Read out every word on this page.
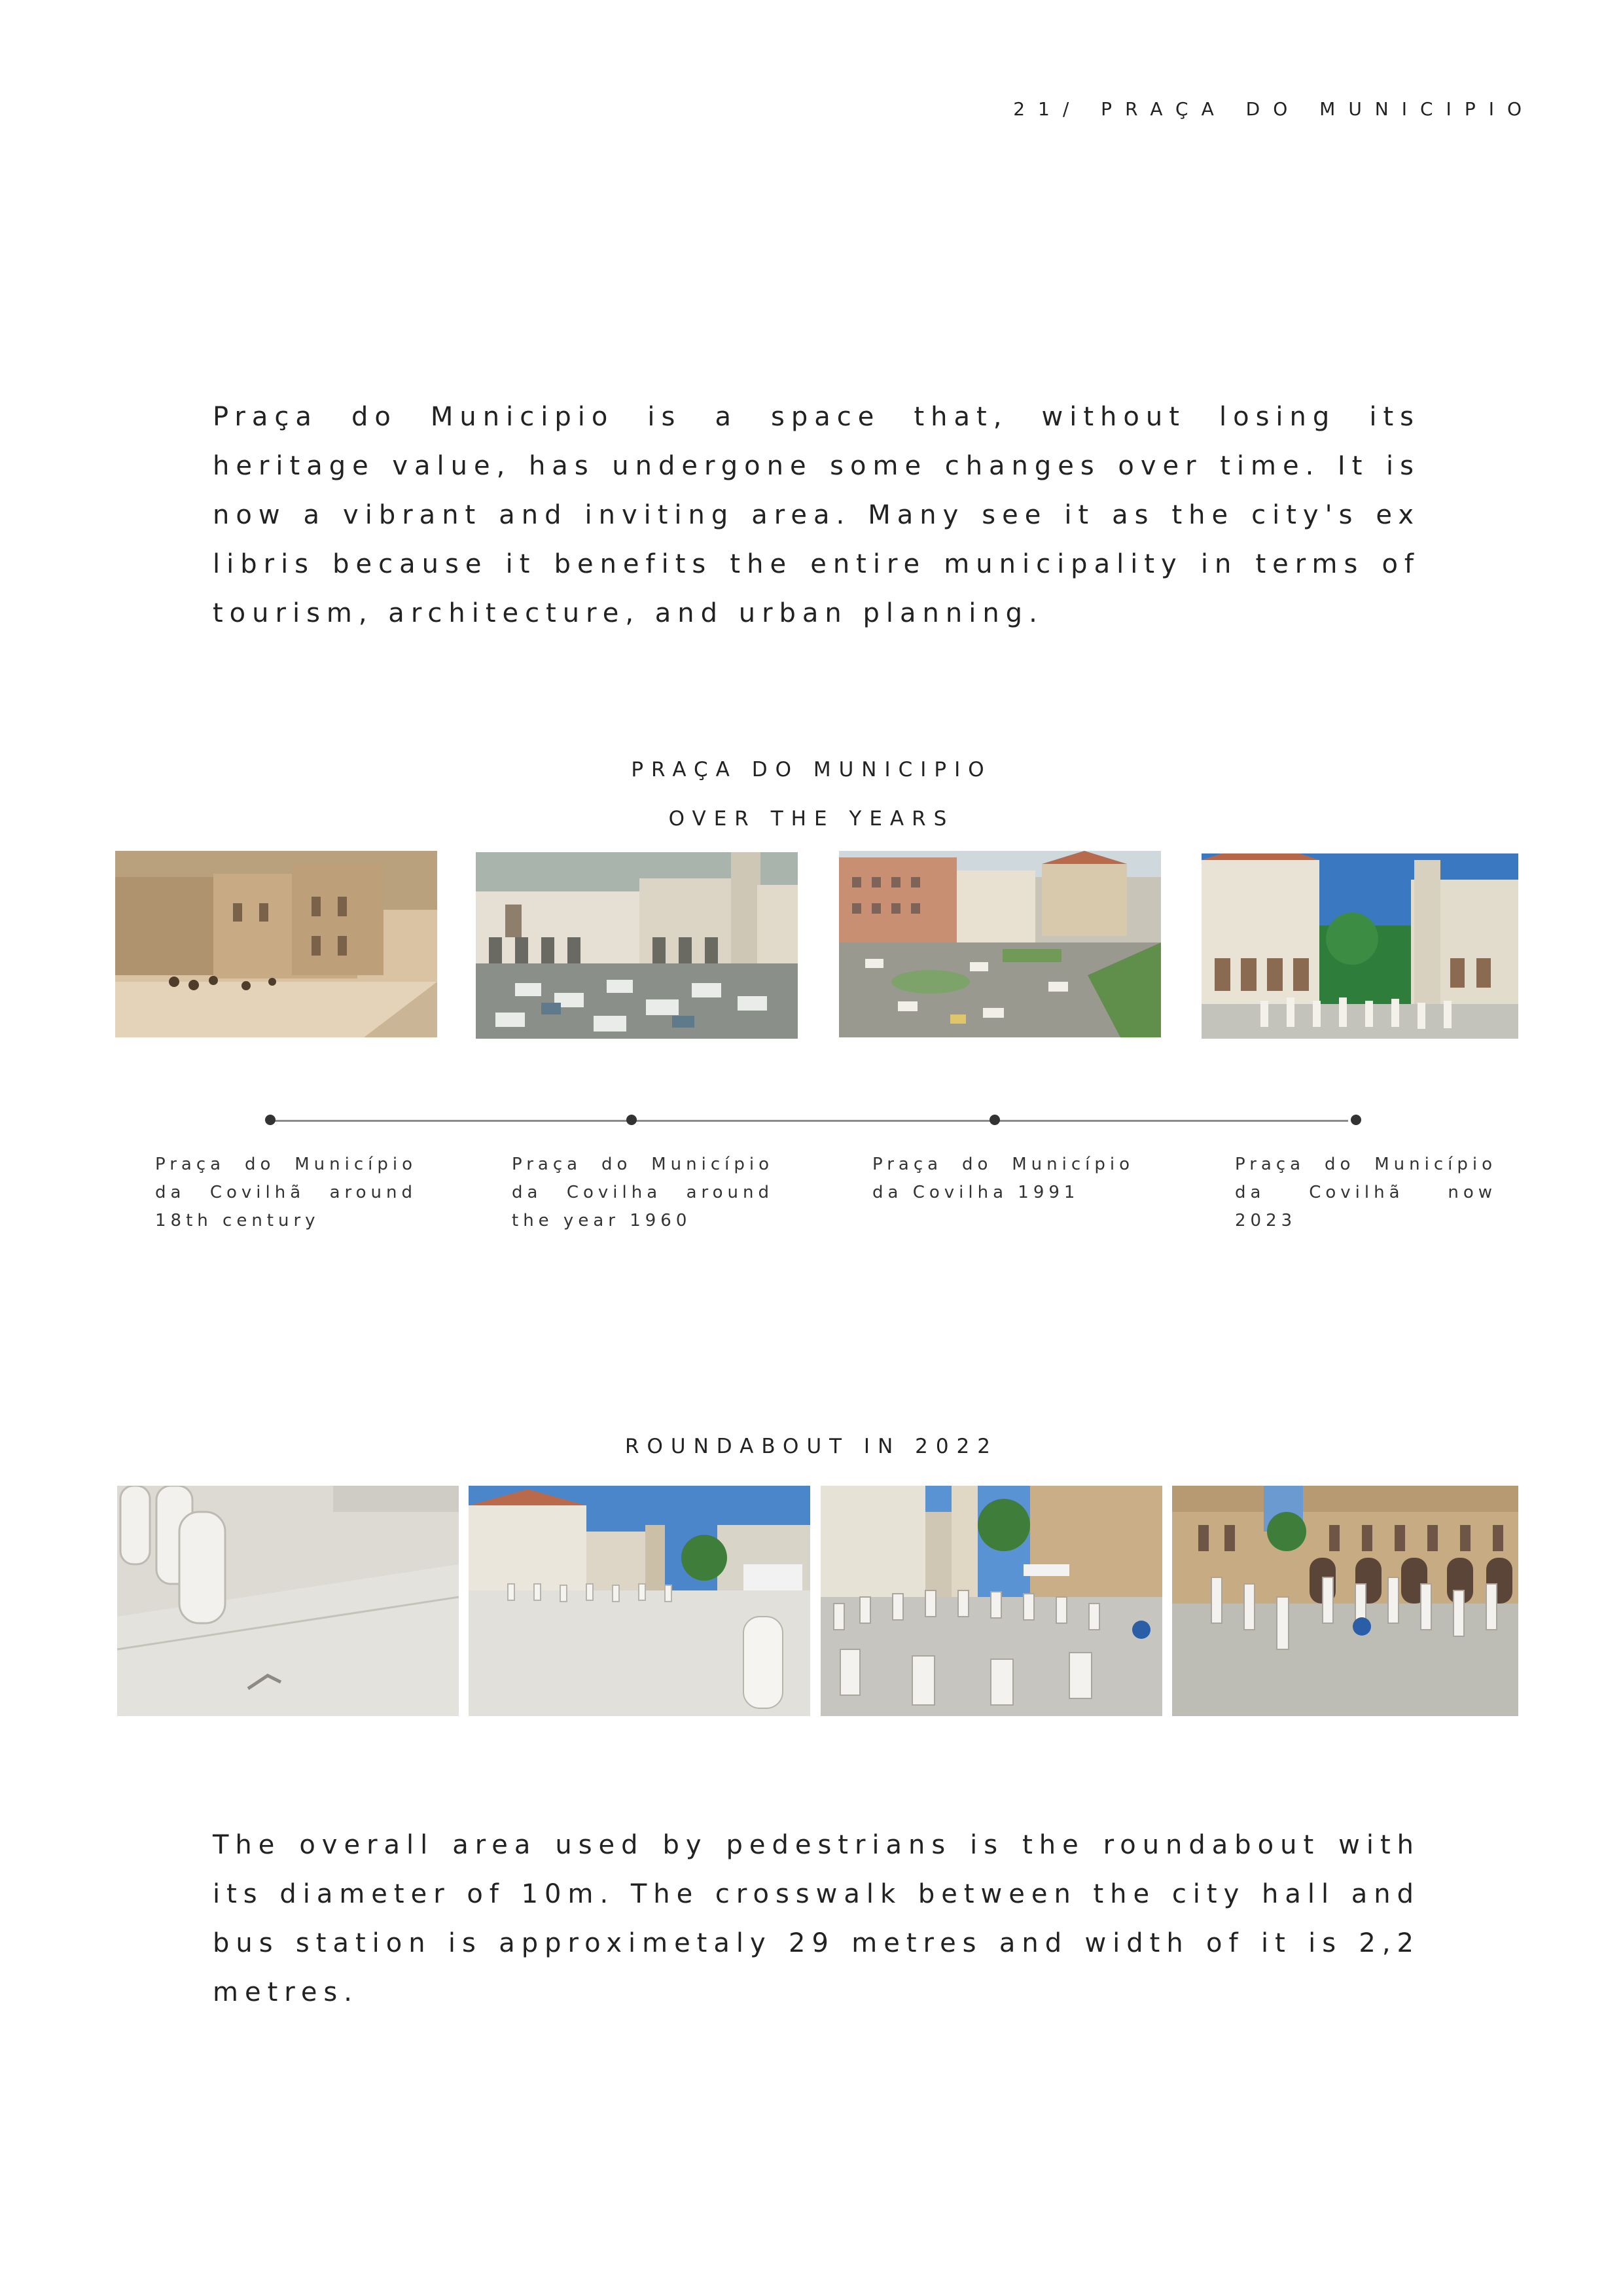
21/ PRAÇA DO MUNICIPIO

Praça do Municipio is a space that, without losing its heritage value, has undergone some changes over time. It is now a vibrant and inviting area. Many see it as the city's ex libris because it benefits the entire municipality in terms of tourism, architecture, and urban planning.

PRAÇA DO MUNICIPIO
OVER THE YEARS
Praça do Município da Covilhã around 18th century
Praça do Município da Covilha around the year 1960
Praça do Município da Covilha 1991
Praça do Município da Covilhã now 2023
ROUNDABOUT IN 2022

The overall area used by pedestrians is the roundabout with its diameter of 10m. The crosswalk between the city hall and bus station is approximetaly 29 metres and width of it is 2,2 metres.
